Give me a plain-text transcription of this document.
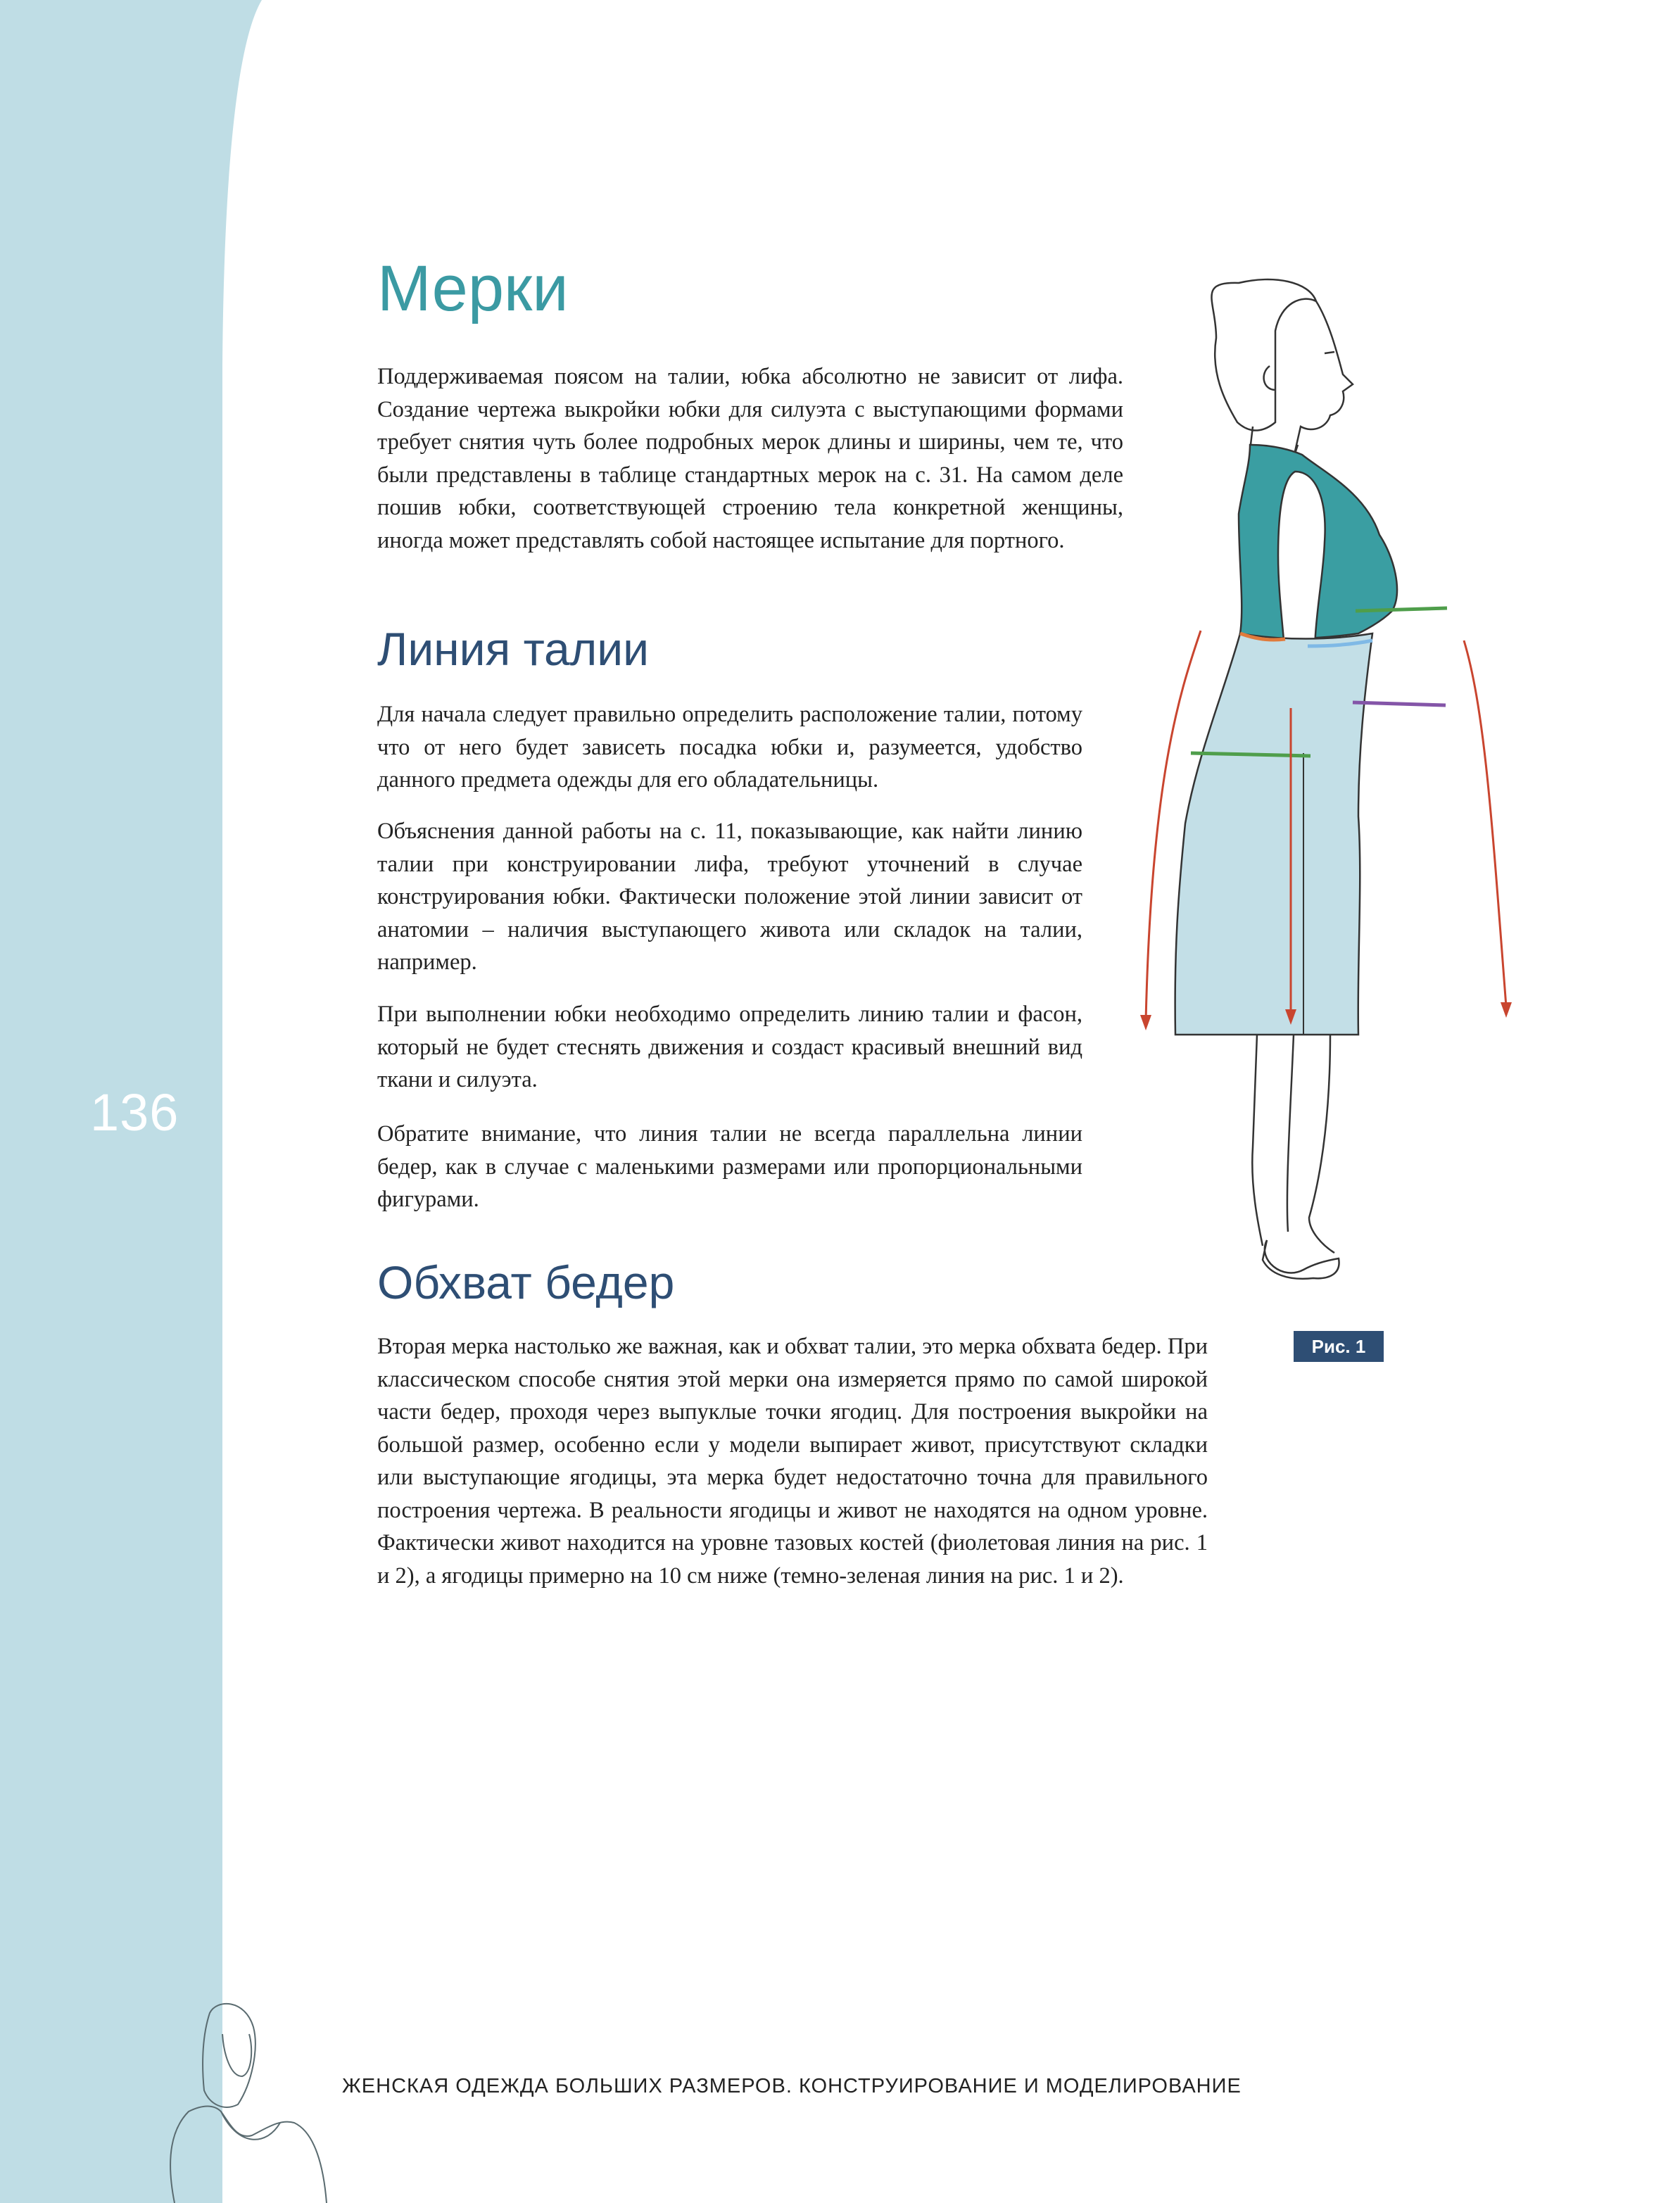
136
Мерки

Поддерживаемая поясом на талии, юбка абсолютно не зависит от лифа. Создание чертежа выкройки юбки для силуэта с выступающими формами требует снятия чуть более подробных мерок длины и ширины, чем те, что были представлены в таблице стандартных мерок на с. 31. На самом деле пошив юбки, соответствующей строению тела конкретной женщины, иногда может представлять собой настоящее испытание для портного.

Линия талии

Для начала следует правильно определить расположение талии, потому что от него будет зависеть посадка юбки и, разумеется, удобство данного предмета одежды для его обладательницы.

Объяснения данной работы на с. 11, показывающие, как найти линию талии при конструировании лифа, требуют уточнений в случае конструирования юбки. Фактически положение этой линии зависит от анатомии – наличия выступающего живота или складок на талии, например.

При выполнении юбки необходимо определить линию талии и фасон, который не будет стеснять движения и создаст красивый внешний вид ткани и силуэта.

Обратите внимание, что линия талии не всегда параллельна линии бедер, как в случае с маленькими размерами или пропорциональными фигурами.

Обхват бедер

Вторая мерка настолько же важная, как и обхват талии, это мерка обхвата бедер. При классическом способе снятия этой мерки она измеряется прямо по самой широкой части бедер, проходя через выпуклые точки ягодиц. Для построения выкройки на большой размер, особенно если у модели выпирает живот, присутствуют складки или выступающие ягодицы, эта мерка будет недостаточно точна для правильного построения чертежа. В реальности ягодицы и живот не находятся на одном уровне. Фактически живот находится на уровне тазовых костей (фиолетовая линия на рис. 1 и 2), а ягодицы примерно на 10 см ниже (темно-зеленая линия на рис. 1 и 2).

Рис. 1
ЖЕНСКАЯ ОДЕЖДА БОЛЬШИХ РАЗМЕРОВ. КОНСТРУИРОВАНИЕ И МОДЕЛИРОВАНИЕ
